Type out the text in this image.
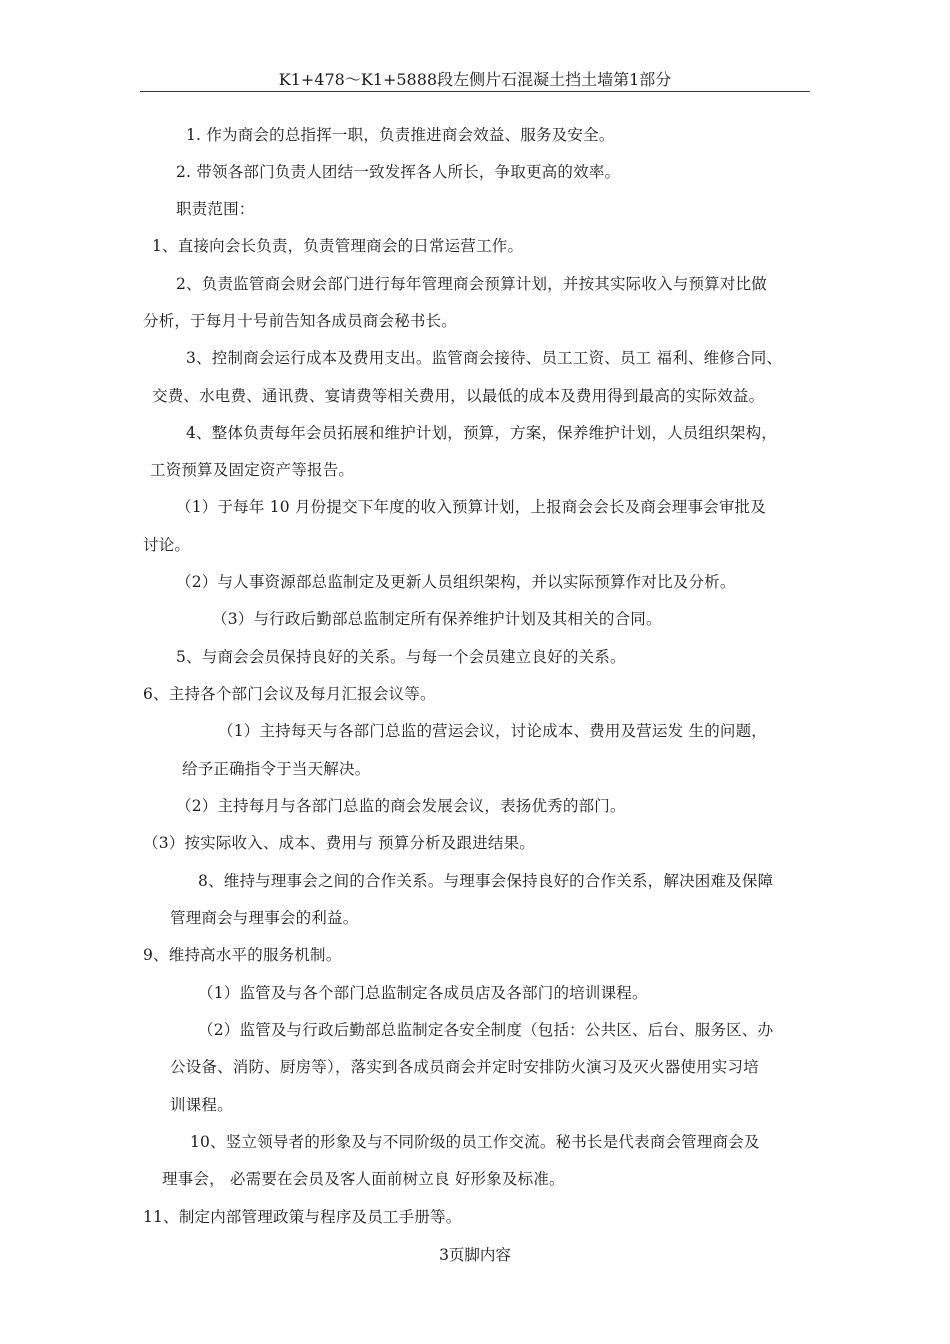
K1+478～K1+5888段左侧片石混凝土挡土墙第1部分
1. 作为商会的总指挥一职，负责推进商会效益、服务及安全。
2. 带领各部门负责人团结一致发挥各人所长，争取更高的效率。
职责范围：
1、直接向会长负责，负责管理商会的日常运营工作。
2、负责监管商会财会部门进行每年管理商会预算计划，并按其实际收入与预算对比做
分析，于每月十号前告知各成员商会秘书长。
3、控制商会运行成本及费用支出。监管商会接待、员工工资、员工 福利、维修合同、
交费、水电费、通讯费、宴请费等相关费用，以最低的成本及费用得到最高的实际效益。
4、整体负责每年会员拓展和维护计划，预算，方案，保养维护计划，人员组织架构，
工资预算及固定资产等报告。
（1）于每年 10 月份提交下年度的收入预算计划，上报商会会长及商会理事会审批及
讨论。
（2）与人事资源部总监制定及更新人员组织架构，并以实际预算作对比及分析。
（3）与行政后勤部总监制定所有保养维护计划及其相关的合同。
5、与商会会员保持良好的关系。与每一个会员建立良好的关系。
6、主持各个部门会议及每月汇报会议等。
（1）主持每天与各部门总监的营运会议，讨论成本、费用及营运发 生的问题，
给予正确指令于当天解决。
（2）主持每月与各部门总监的商会发展会议，表扬优秀的部门。
（3）按实际收入、成本、费用与 预算分析及跟进结果。
8、维持与理事会之间的合作关系。与理事会保持良好的合作关系，解决困难及保障
管理商会与理事会的利益。
9、维持高水平的服务机制。
（1）监管及与各个部门总监制定各成员店及各部门的培训课程。
（2）监管及与行政后勤部总监制定各安全制度（包括：公共区、后台、服务区、办
公设备、消防、厨房等），落实到各成员商会并定时安排防火演习及灭火器使用实习培
训课程。
10、竖立领导者的形象及与不同阶级的员工作交流。秘书长是代表商会管理商会及
理事会， 必需要在会员及客人面前树立良 好形象及标准。
11、制定内部管理政策与程序及员工手册等。
3页脚内容
